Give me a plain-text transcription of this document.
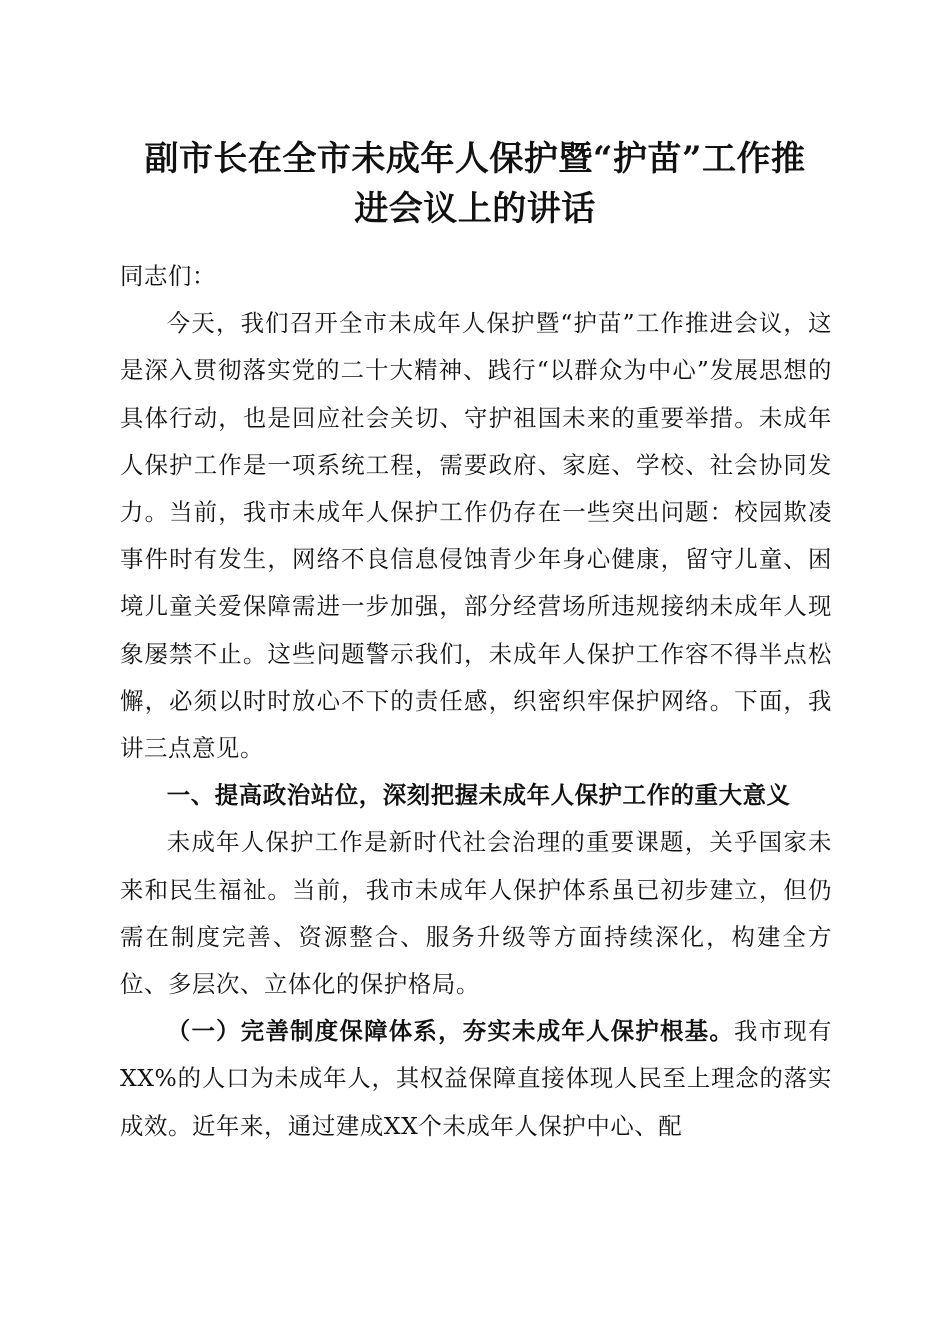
副市长在全市未成年人保护暨“护苗”工作推
进会议上的讲话

同志们：

今天，我们召开全市未成年人保护暨“护苗”工作推进会议，这是深入贯彻落实党的二十大精神、践行“以群众为中心”发展思想的具体行动，也是回应社会关切、守护祖国未来的重要举措。未成年人保护工作是一项系统工程，需要政府、家庭、学校、社会协同发力。当前，我市未成年人保护工作仍存在一些突出问题：校园欺凌事件时有发生，网络不良信息侵蚀青少年身心健康，留守儿童、困境儿童关爱保障需进一步加强，部分经营场所违规接纳未成年人现象屡禁不止。这些问题警示我们，未成年人保护工作容不得半点松懈，必须以时时放心不下的责任感，织密织牢保护网络。下面，我讲三点意见。

一、提高政治站位，深刻把握未成年人保护工作的重大意义

未成年人保护工作是新时代社会治理的重要课题，关乎国家未来和民生福祉。当前，我市未成年人保护体系虽已初步建立，但仍需在制度完善、资源整合、服务升级等方面持续深化，构建全方位、多层次、立体化的保护格局。

（一）完善制度保障体系，夯实未成年人保护根基。我市现有XX%的人口为未成年人，其权益保障直接体现人民至上理念的落实成效。近年来，通过建成XX个未成年人保护中心、配
